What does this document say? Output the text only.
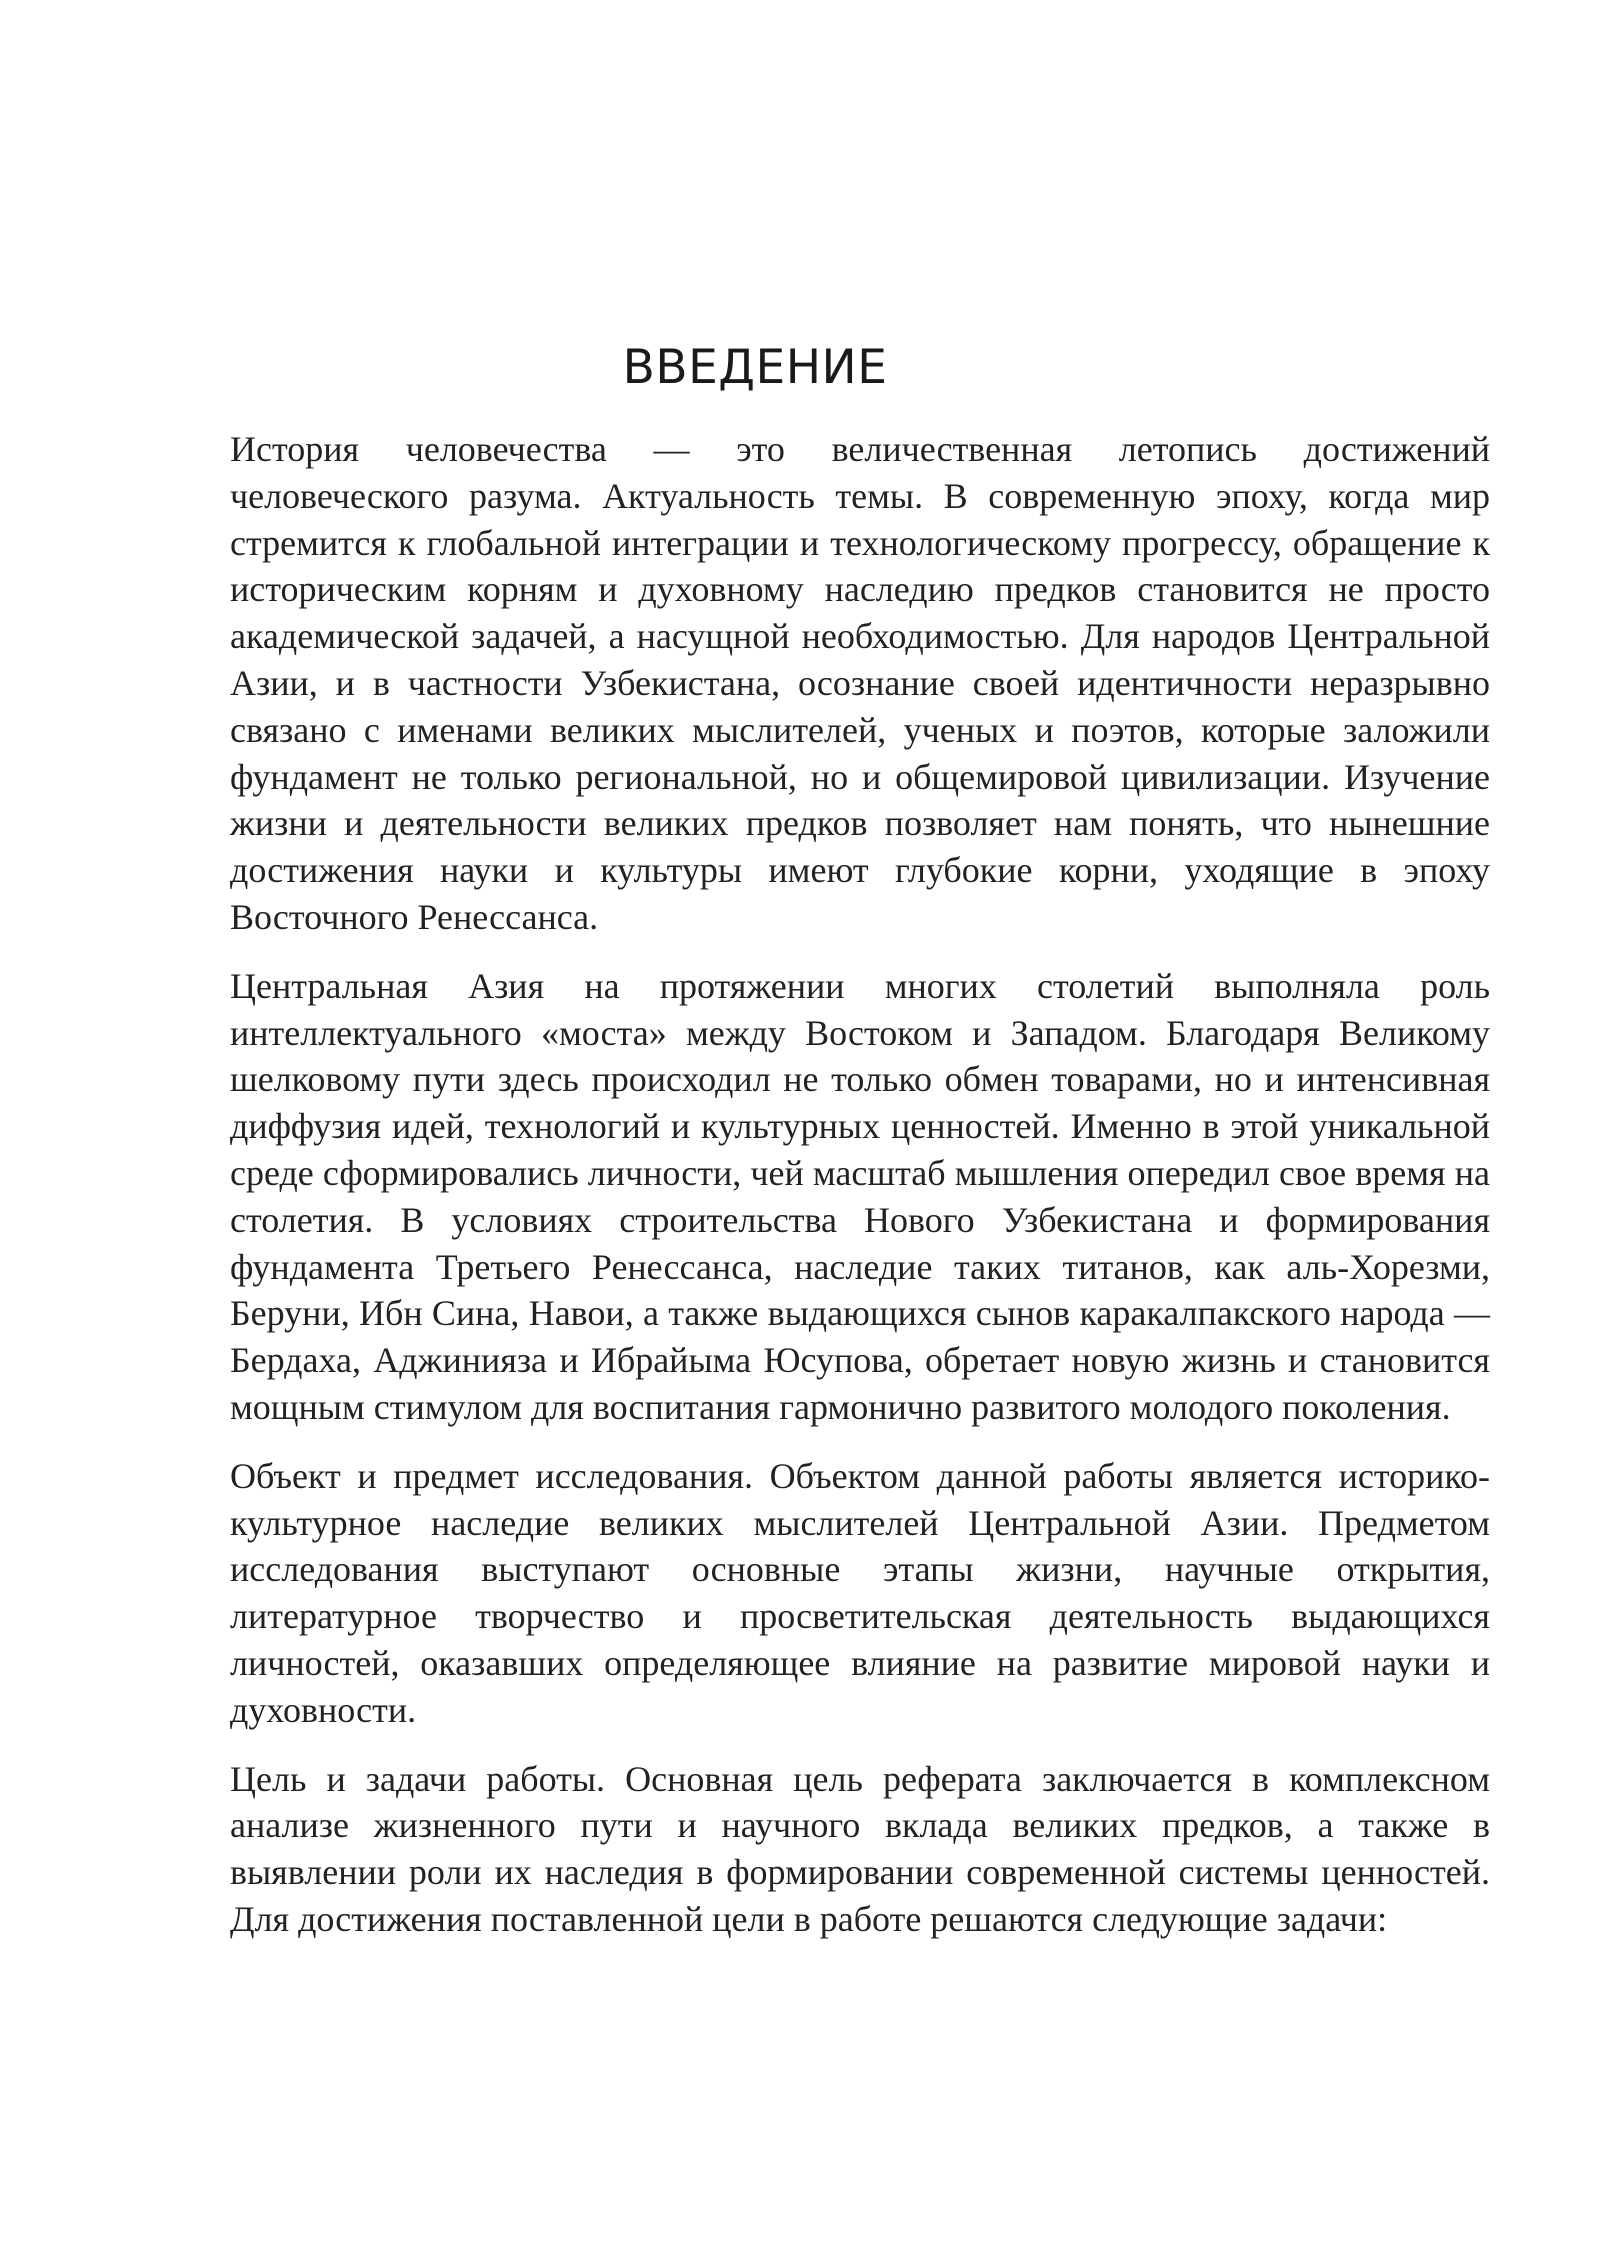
ВВЕДЕНИЕ

История человечества — это величественная летопись достижений человеческого разума. Актуальность темы. В современную эпоху, когда мир стремится к глобальной интеграции и технологическому прогрессу, обращение к историческим корням и духовному наследию предков становится не просто академической задачей, а насущной необходимостью. Для народов Центральной Азии, и в частности Узбекистана, осознание своей идентичности неразрывно связано с именами великих мыслителей, ученых и поэтов, которые заложили фундамент не только региональной, но и общемировой цивилизации. Изучение жизни и деятельности великих предков позволяет нам понять, что нынешние достижения науки и культуры имеют глубокие корни, уходящие в эпоху Восточного Ренессанса.

Центральная Азия на протяжении многих столетий выполняла роль интеллектуального «моста» между Востоком и Западом. Благодаря Великому шелковому пути здесь происходил не только обмен товарами, но и интенсивная диффузия идей, технологий и культурных ценностей. Именно в этой уникальной среде сформировались личности, чей масштаб мышления опередил свое время на столетия. В условиях строительства Нового Узбекистана и формирования фундамента Третьего Ренессанса, наследие таких титанов, как аль-Хорезми, Беруни, Ибн Сина, Навои, а также выдающихся сынов каракалпакского народа — Бердаха, Аджинияза и Ибрайыма Юсупова, обретает новую жизнь и становится мощным стимулом для воспитания гармонично развитого молодого поколения.

Объект и предмет исследования. Объектом данной работы является историко-культурное наследие великих мыслителей Центральной Азии. Предметом исследования выступают основные этапы жизни, научные открытия, литературное творчество и просветительская деятельность выдающихся личностей, оказавших определяющее влияние на развитие мировой науки и духовности.

Цель и задачи работы. Основная цель реферата заключается в комплексном анализе жизненного пути и научного вклада великих предков, а также в выявлении роли их наследия в формировании современной системы ценностей. Для достижения поставленной цели в работе решаются следующие задачи:
